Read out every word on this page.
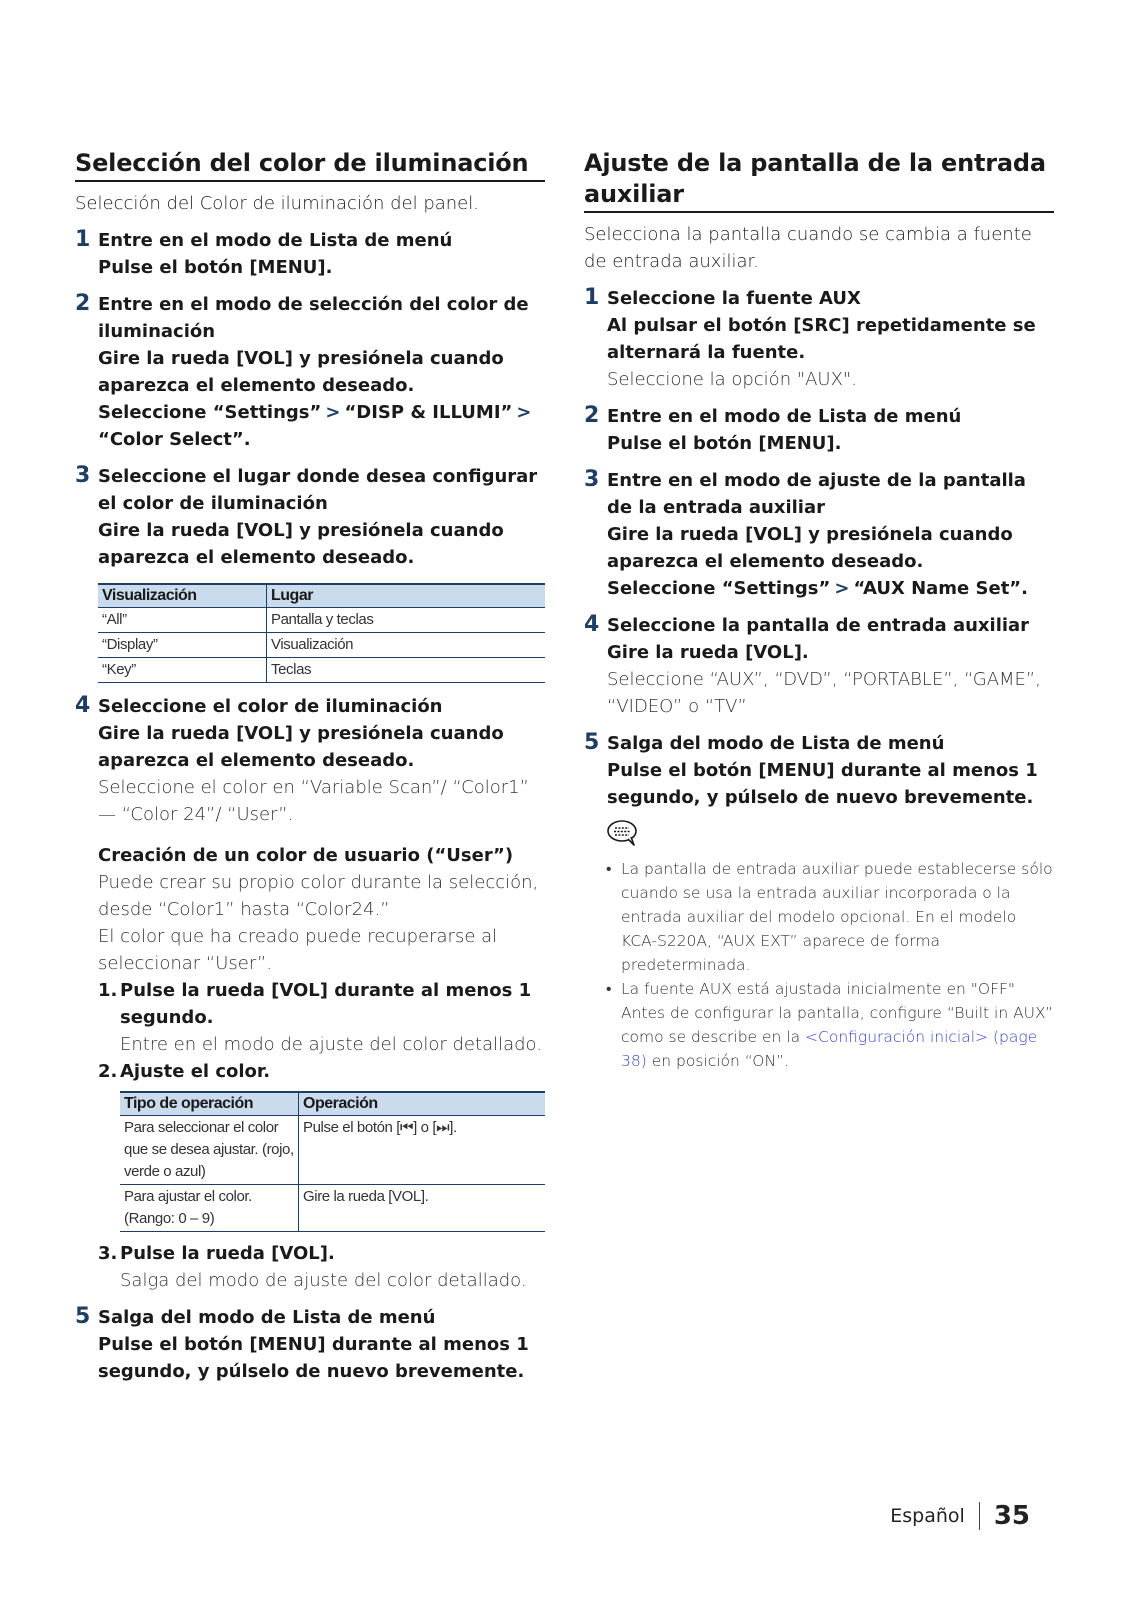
Selección del color de iluminación
Selección del Color de iluminación del panel.
1 Entre en el modo de Lista de menú
Pulse el botón [MENU].
2 Entre en el modo de selección del color de iluminación
Gire la rueda [VOL] y presiónela cuando aparezca el elemento deseado.
Seleccione “Settings” > “DISP & ILLUMI” >
“Color Select”.
3 Seleccione el lugar donde desea configurar el color de iluminación
Gire la rueda [VOL] y presiónela cuando aparezca el elemento deseado.
Visualización	Lugar
“All”	Pantalla y teclas
“Display”	Visualización
“Key”	Teclas
4 Seleccione el color de iluminación
Gire la rueda [VOL] y presiónela cuando aparezca el elemento deseado.
Seleccione el color en “Variable Scan”/ “Color1” — “Color 24”/ “User”.
Creación de un color de usuario (“User”)
Puede crear su propio color durante la selección, desde “Color1” hasta “Color24.”
El color que ha creado puede recuperarse al seleccionar “User”.
1. Pulse la rueda [VOL] durante al menos 1 segundo.
Entre en el modo de ajuste del color detallado.
2. Ajuste el color.
Tipo de operación	Operación
Para seleccionar el color que se desea ajustar. (rojo, verde o azul)	Pulse el botón [⏮] o [⏭].
Para ajustar el color. (Rango: 0 – 9)	Gire la rueda [VOL].
3. Pulse la rueda [VOL].
Salga del modo de ajuste del color detallado.
5 Salga del modo de Lista de menú
Pulse el botón [MENU] durante al menos 1 segundo, y púlselo de nuevo brevemente.
Ajuste de la pantalla de la entrada auxiliar
Selecciona la pantalla cuando se cambia a fuente de entrada auxiliar.
1 Seleccione la fuente AUX
Al pulsar el botón [SRC] repetidamente se alternará la fuente.
Seleccione la opción "AUX".
2 Entre en el modo de Lista de menú
Pulse el botón [MENU].
3 Entre en el modo de ajuste de la pantalla de la entrada auxiliar
Gire la rueda [VOL] y presiónela cuando aparezca el elemento deseado.
Seleccione “Settings” > “AUX Name Set”.
4 Seleccione la pantalla de entrada auxiliar
Gire la rueda [VOL].
Seleccione “AUX”, “DVD”, “PORTABLE”, “GAME”, “VIDEO” o “TV”
5 Salga del modo de Lista de menú
Pulse el botón [MENU] durante al menos 1 segundo, y púlselo de nuevo brevemente.
• La pantalla de entrada auxiliar puede establecerse sólo cuando se usa la entrada auxiliar incorporada o la entrada auxiliar del modelo opcional. En el modelo KCA-S220A, “AUX EXT” aparece de forma predeterminada.
• La fuente AUX está ajustada inicialmente en "OFF" Antes de configurar la pantalla, configure “Built in AUX” como se describe en la <Configuración inicial> (page 38) en posición “ON”.
Español	35
